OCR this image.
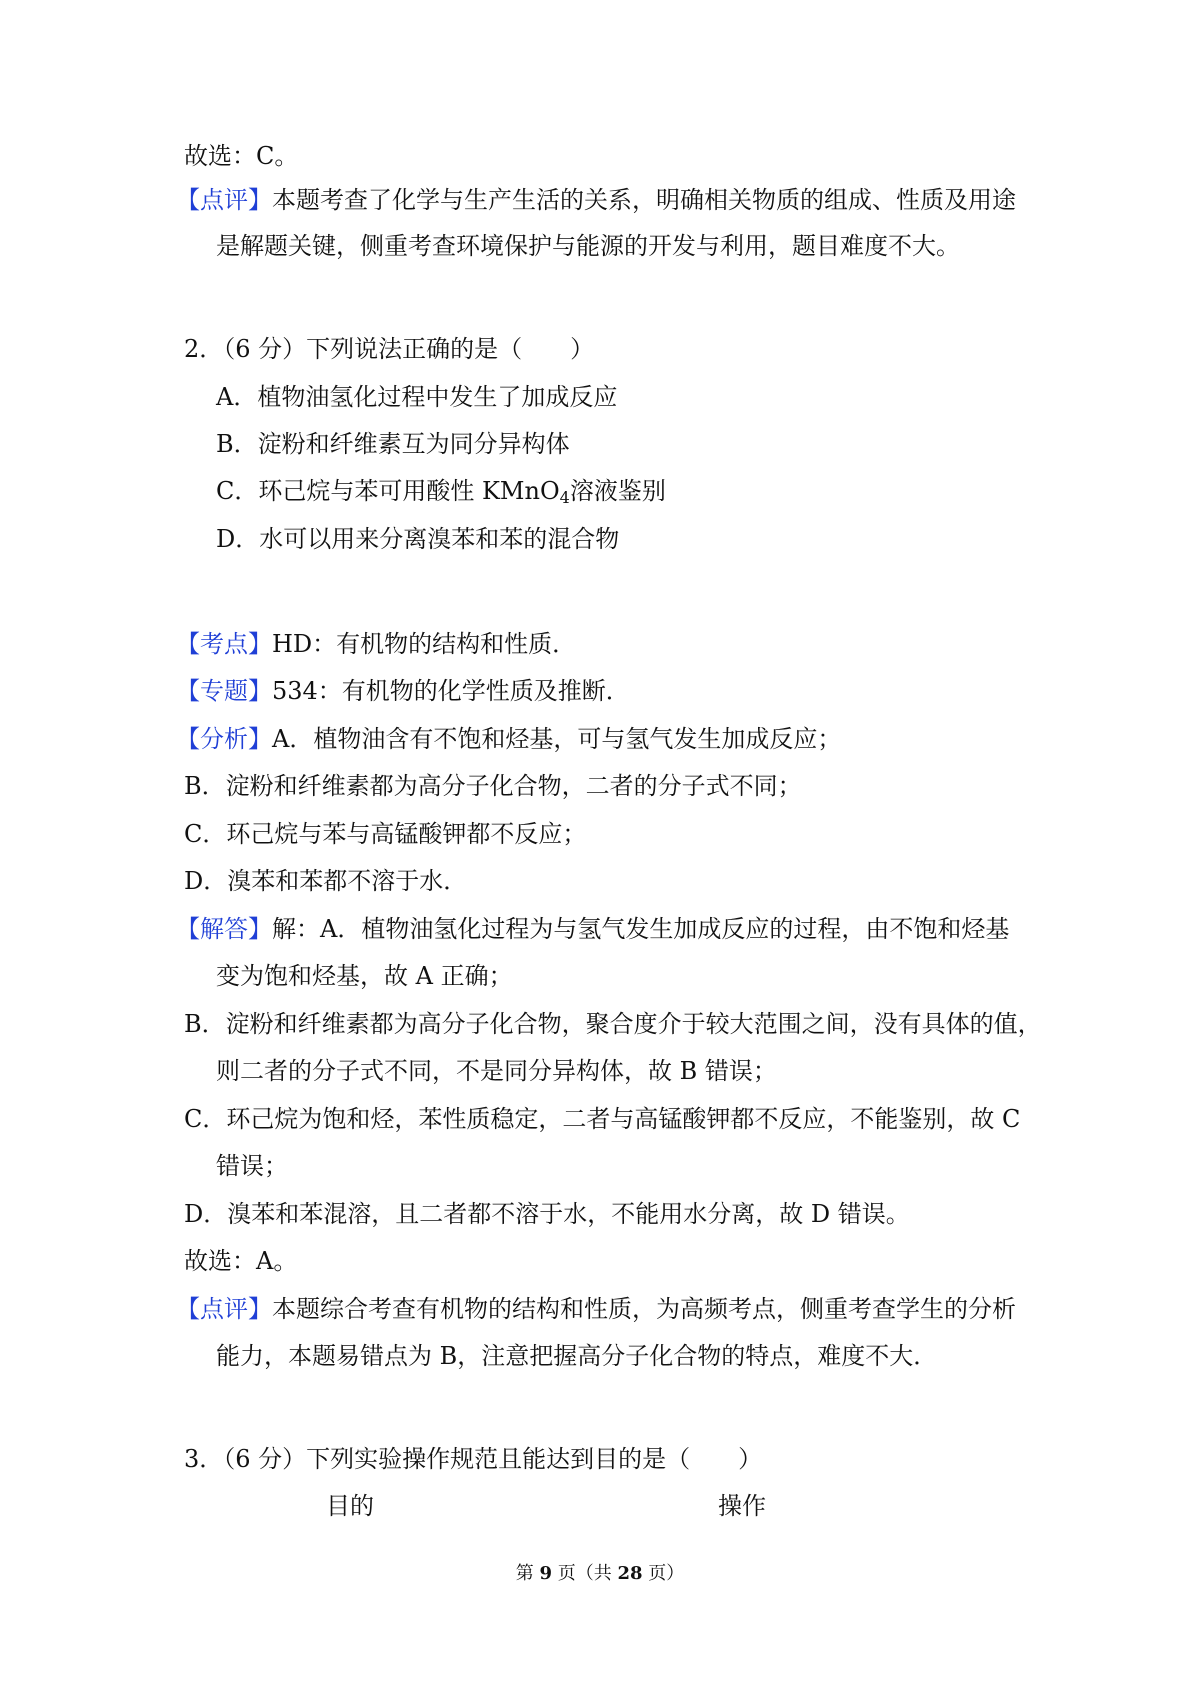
故选：C。
【点评】本题考查了化学与生产生活的关系，明确相关物质的组成、性质及用途
是解题关键，侧重考查环境保护与能源的开发与利用，题目难度不大。
2．（6 分）下列说法正确的是（　　）
A．植物油氢化过程中发生了加成反应
B．淀粉和纤维素互为同分异构体
C．环己烷与苯可用酸性 KMnO$_4$溶液鉴别
D．水可以用来分离溴苯和苯的混合物
【考点】HD：有机物的结构和性质．
【专题】534：有机物的化学性质及推断．
【分析】A．植物油含有不饱和烃基，可与氢气发生加成反应；
B．淀粉和纤维素都为高分子化合物，二者的分子式不同；
C．环己烷与苯与高锰酸钾都不反应；
D．溴苯和苯都不溶于水．
【解答】解：A．植物油氢化过程为与氢气发生加成反应的过程，由不饱和烃基
变为饱和烃基，故 A 正确；
B．淀粉和纤维素都为高分子化合物，聚合度介于较大范围之间，没有具体的值，
则二者的分子式不同，不是同分异构体，故 B 错误；
C．环己烷为饱和烃，苯性质稳定，二者与高锰酸钾都不反应，不能鉴别，故 C
错误；
D．溴苯和苯混溶，且二者都不溶于水，不能用水分离，故 D 错误。
故选：A。
【点评】本题综合考查有机物的结构和性质，为高频考点，侧重考查学生的分析
能力，本题易错点为 B，注意把握高分子化合物的特点，难度不大．
3．（6 分）下列实验操作规范且能达到目的是（　　）
目的	操作
第 9 页（共 28 页）
